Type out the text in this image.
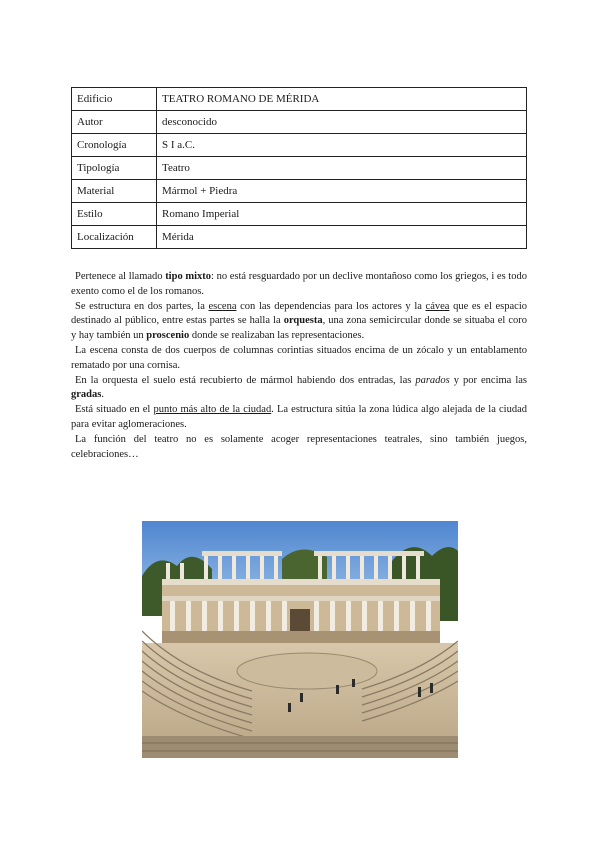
Edificio	TEATRO ROMANO DE MÉRIDA
Autor	desconocido
Cronología	S I a.C.
Tipología	Teatro
Material	Mármol + Piedra
Estilo	Romano Imperial
Localización	Mérida

Pertenece al llamado tipo mixto: no está resguardado por un declive montañoso como los griegos, i es todo exento como el de los romanos.

Se estructura en dos partes, la escena con las dependencias para los actores y la cávea que es el espacio destinado al público, entre estas partes se halla la orquesta, una zona semicircular donde se situaba el coro y hay también un proscenio donde se realizaban las representaciones.

La escena consta de dos cuerpos de columnas corintias situados encima de un zócalo y un entablamento rematado por una cornisa.

En la orquesta el suelo está recubierto de mármol habiendo dos entradas, las parados y por encima las gradas.

Está situado en el punto más alto de la ciudad. La estructura sitúa la zona lúdica algo alejada de la ciudad para evitar aglomeraciones.

La función del teatro no es solamente acoger representaciones teatrales, sino también juegos, celebraciones…
